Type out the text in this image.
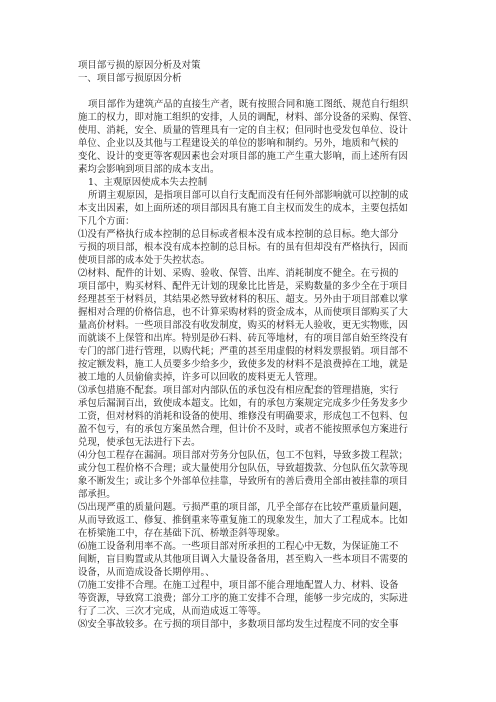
项目部亏损的原因分析及对策
一、项目部亏损原因分析
项目部作为建筑产品的直接生产者，既有按照合同和施工图纸、规范自行组织
施工的权力，即对施工组织的安排，人员的调配，材料、部分设备的采购、保管、
使用、消耗，安全、质量的管理具有一定的自主权；但同时也受发包单位、设计
单位、企业以及其他与工程建设关的单位的影响和制约。另外，地质和气候的
变化、设计的变更等客观因素也会对项目部的施工产生重大影响，而上述所有因
素均会影响到项目部的成本支出。
1、主观原因使成本失去控制
所谓主观原因，是指项目部可以自行支配而没有任何外部影响就可以控制的成
本支出因素，如上面所述的项目部因具有施工自主权而发生的成本，主要包括如
下几个方面：
⑴没有严格执行成本控制的总目标或者根本没有成本控制的总目标。绝大部分
亏损的项目部，根本没有成本控制的总目标。有的虽有但却没有严格执行，因而
使项目部的成本处于失控状态。
⑵材料、配件的计划、采购、验收、保管、出库、消耗制度不健全。在亏损的
项目部中，购买材料、配件无计划的现象比比皆是，采购数量的多少全在于项目
经理甚至于材料员，其结果必然导致材料的积压、超支。另外由于项目部难以掌
握相对合理的价格信息，也不计算采购材料的资金成本，从而使项目部购买了大
量高价材料。一些项目部没有收发制度，购买的材料无人验收，更无实物账，因
而就谈不上保管和出库。特别是砂石料、砖瓦等地材，有的项目部自始至终没有
专门的部门进行管理，以购代耗；严重的甚至用虚假的材料发票报销。项目部不
按定额发料，施工人员要多少给多少，致使多发的材料不是浪费掉在工地，就是
被工地的人员偷偷卖掉，许多可以回收的废料更无人管理。
⑶承包措施不配套。项目部对内部队伍的承包没有相应配套的管理措施，实行
承包后漏洞百出，致使成本超支。比如，有的承包方案规定完成多少任务发多少
工资，但对材料的消耗和设备的使用、维修没有明确要求，形成包工不包料、包
盈不包亏，有的承包方案虽然合理，但计价不及时，或者不能按照承包方案进行
兑现，使承包无法进行下去。
⑷分包工程存在漏洞。项目部对劳务分包队伍，包工不包料，导致多拨工程款；
或分包工程价格不合理；或大量使用分包队伍，导致超拨款、分包队伍欠款等现
象不断发生；或让多个外部单位挂靠，导致所有的善后费用全部由被挂靠的项目
部承担。
⑸出现严重的质量问题。亏损严重的项目部，几乎全部存在比较严重质量问题，
从而导致返工、修复、推倒重来等重复施工的现象发生，加大了工程成本。比如
在桥梁施工中，存在基础下沉、桥墩歪斜等现象。
⑹施工设备利用率不高。一些项目部对所承担的工程心中无数，为保证施工不
间断，盲目购置或从其他项目调入大量设备备用，甚至购入一些本项目不需要的
设备，从而造成设备长期停用。、
⑺施工安排不合理。在施工过程中，项目部不能合理地配置人力、材料、设备
等资源，导致窝工浪费；部分工序的施工安排不合理，能够一步完成的，实际进
行了二次、三次才完成，从而造成返工等等。
⑻安全事故较多。在亏损的项目部中，多数项目部均发生过程度不同的安全事
